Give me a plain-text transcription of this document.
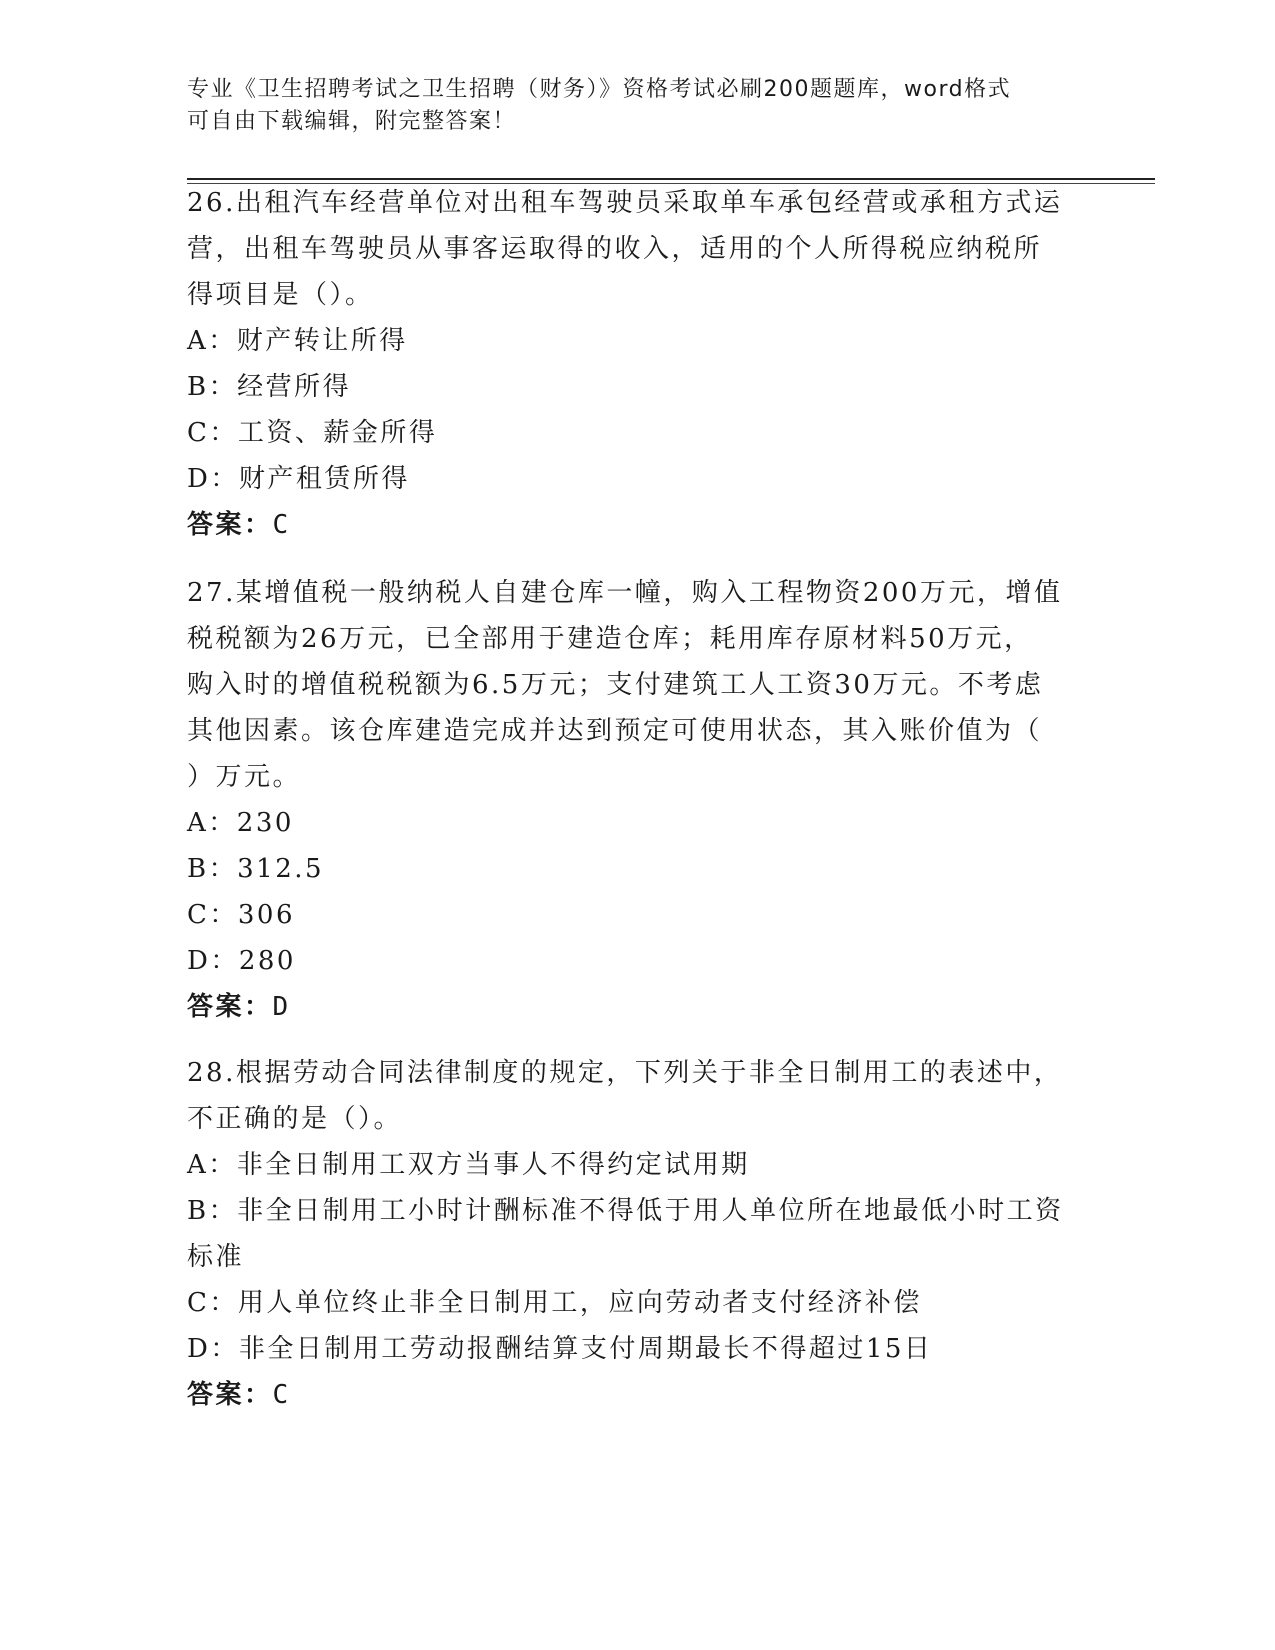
专业《卫生招聘考试之卫生招聘（财务）》资格考试必刷200题题库，word格式
可自由下载编辑，附完整答案！

26.出租汽车经营单位对出租车驾驶员采取单车承包经营或承租方式运

营，出租车驾驶员从事客运取得的收入，适用的个人所得税应纳税所

得项目是（）。

A：财产转让所得

B：经营所得

C：工资、薪金所得

D：财产租赁所得

答案：C

27.某增值税一般纳税人自建仓库一幢，购入工程物资200万元，增值

税税额为26万元，已全部用于建造仓库；耗用库存原材料50万元，

购入时的增值税税额为6.5万元；支付建筑工人工资30万元。不考虑

其他因素。该仓库建造完成并达到预定可使用状态，其入账价值为（

）万元。

A：230

B：312.5

C：306

D：280

答案：D

28.根据劳动合同法律制度的规定，下列关于非全日制用工的表述中，

不正确的是（）。

A：非全日制用工双方当事人不得约定试用期

B：非全日制用工小时计酬标准不得低于用人单位所在地最低小时工资

标准

C：用人单位终止非全日制用工，应向劳动者支付经济补偿

D：非全日制用工劳动报酬结算支付周期最长不得超过15日

答案：C
